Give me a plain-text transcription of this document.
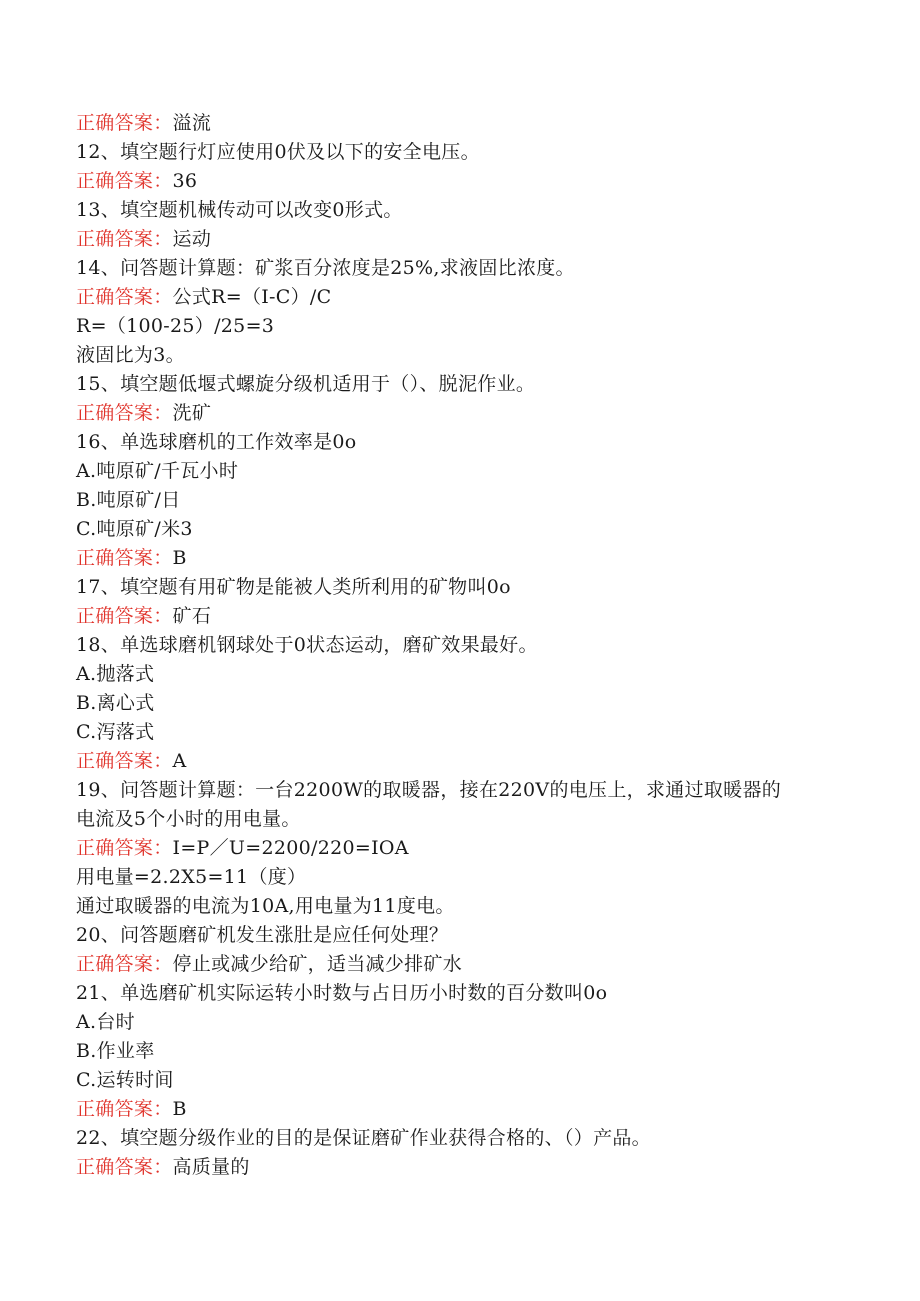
正确答案：溢流
12、填空题行灯应使用0伏及以下的安全电压。
正确答案：36
13、填空题机械传动可以改变0形式。
正确答案：运动
14、问答题计算题：矿浆百分浓度是25%,求液固比浓度。
正确答案：公式R=（I-C）/C
R=（100-25）/25=3
液固比为3。
15、填空题低堰式螺旋分级机适用于（）、脱泥作业。
正确答案：洗矿
16、单选球磨机的工作效率是0o
A.吨原矿/千瓦小时
B.吨原矿/日
C.吨原矿/米3
正确答案：B
17、填空题有用矿物是能被人类所利用的矿物叫0o
正确答案：矿石
18、单选球磨机钢球处于0状态运动，磨矿效果最好。
A.抛落式
B.离心式
C.泻落式
正确答案：A
19、问答题计算题：一台2200W的取暖器，接在220V的电压上，求通过取暖器的
电流及5个小时的用电量。
正确答案：I=P／U=2200/220=IOA
用电量=2.2X5=11（度）
通过取暖器的电流为10A,用电量为11度电。
20、问答题磨矿机发生涨肚是应任何处理？
正确答案：停止或减少给矿，适当减少排矿水
21、单选磨矿机实际运转小时数与占日历小时数的百分数叫0o
A.台时
B.作业率
C.运转时间
正确答案：B
22、填空题分级作业的目的是保证磨矿作业获得合格的、（）产品。
正确答案：高质量的
